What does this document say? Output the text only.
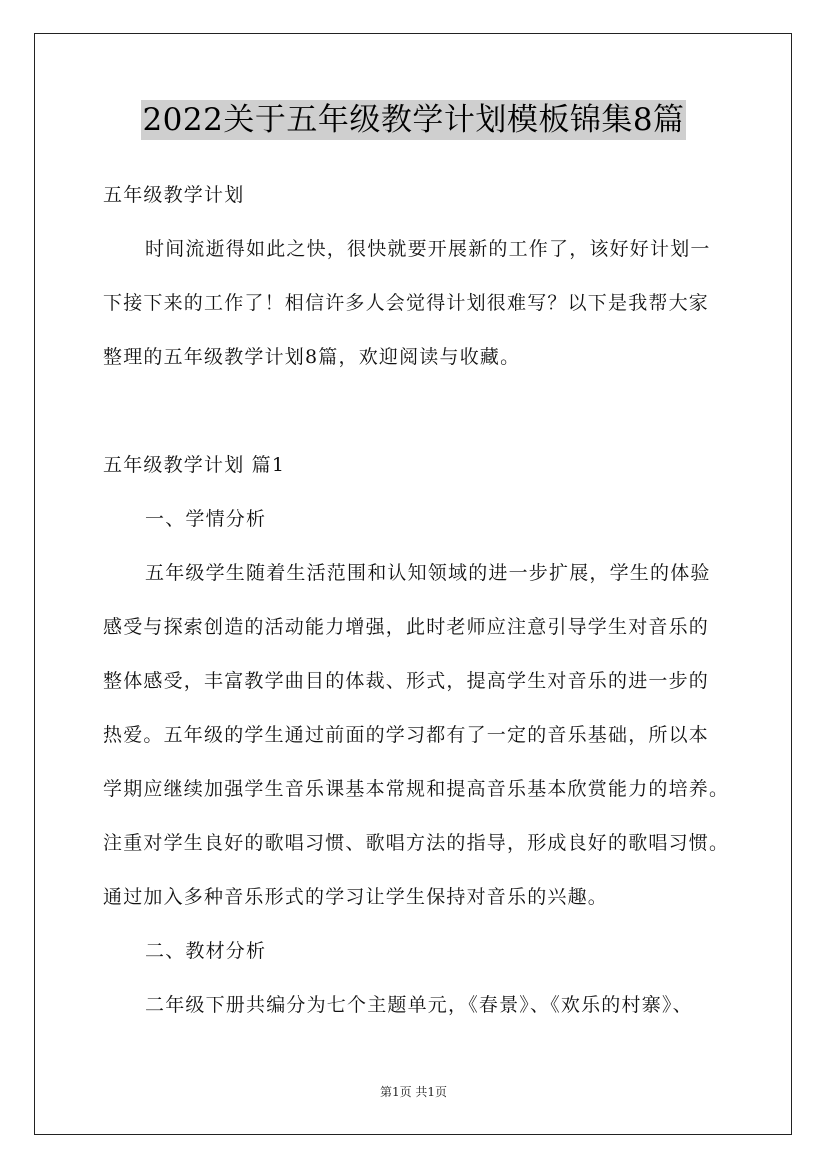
2022关于五年级教学计划模板锦集8篇
五年级教学计划
时间流逝得如此之快，很快就要开展新的工作了，该好好计划一
下接下来的工作了！相信许多人会觉得计划很难写？以下是我帮大家
整理的五年级教学计划8篇，欢迎阅读与收藏。
五年级教学计划 篇1
一、学情分析
五年级学生随着生活范围和认知领域的进一步扩展，学生的体验
感受与探索创造的活动能力增强，此时老师应注意引导学生对音乐的
整体感受，丰富教学曲目的体裁、形式，提高学生对音乐的进一步的
热爱。五年级的学生通过前面的学习都有了一定的音乐基础，所以本
学期应继续加强学生音乐课基本常规和提高音乐基本欣赏能力的培养。
注重对学生良好的歌唱习惯、歌唱方法的指导，形成良好的歌唱习惯。
通过加入多种音乐形式的学习让学生保持对音乐的兴趣。
二、教材分析
二年级下册共编分为七个主题单元，《春景》、《欢乐的村寨》、
第1页 共1页
